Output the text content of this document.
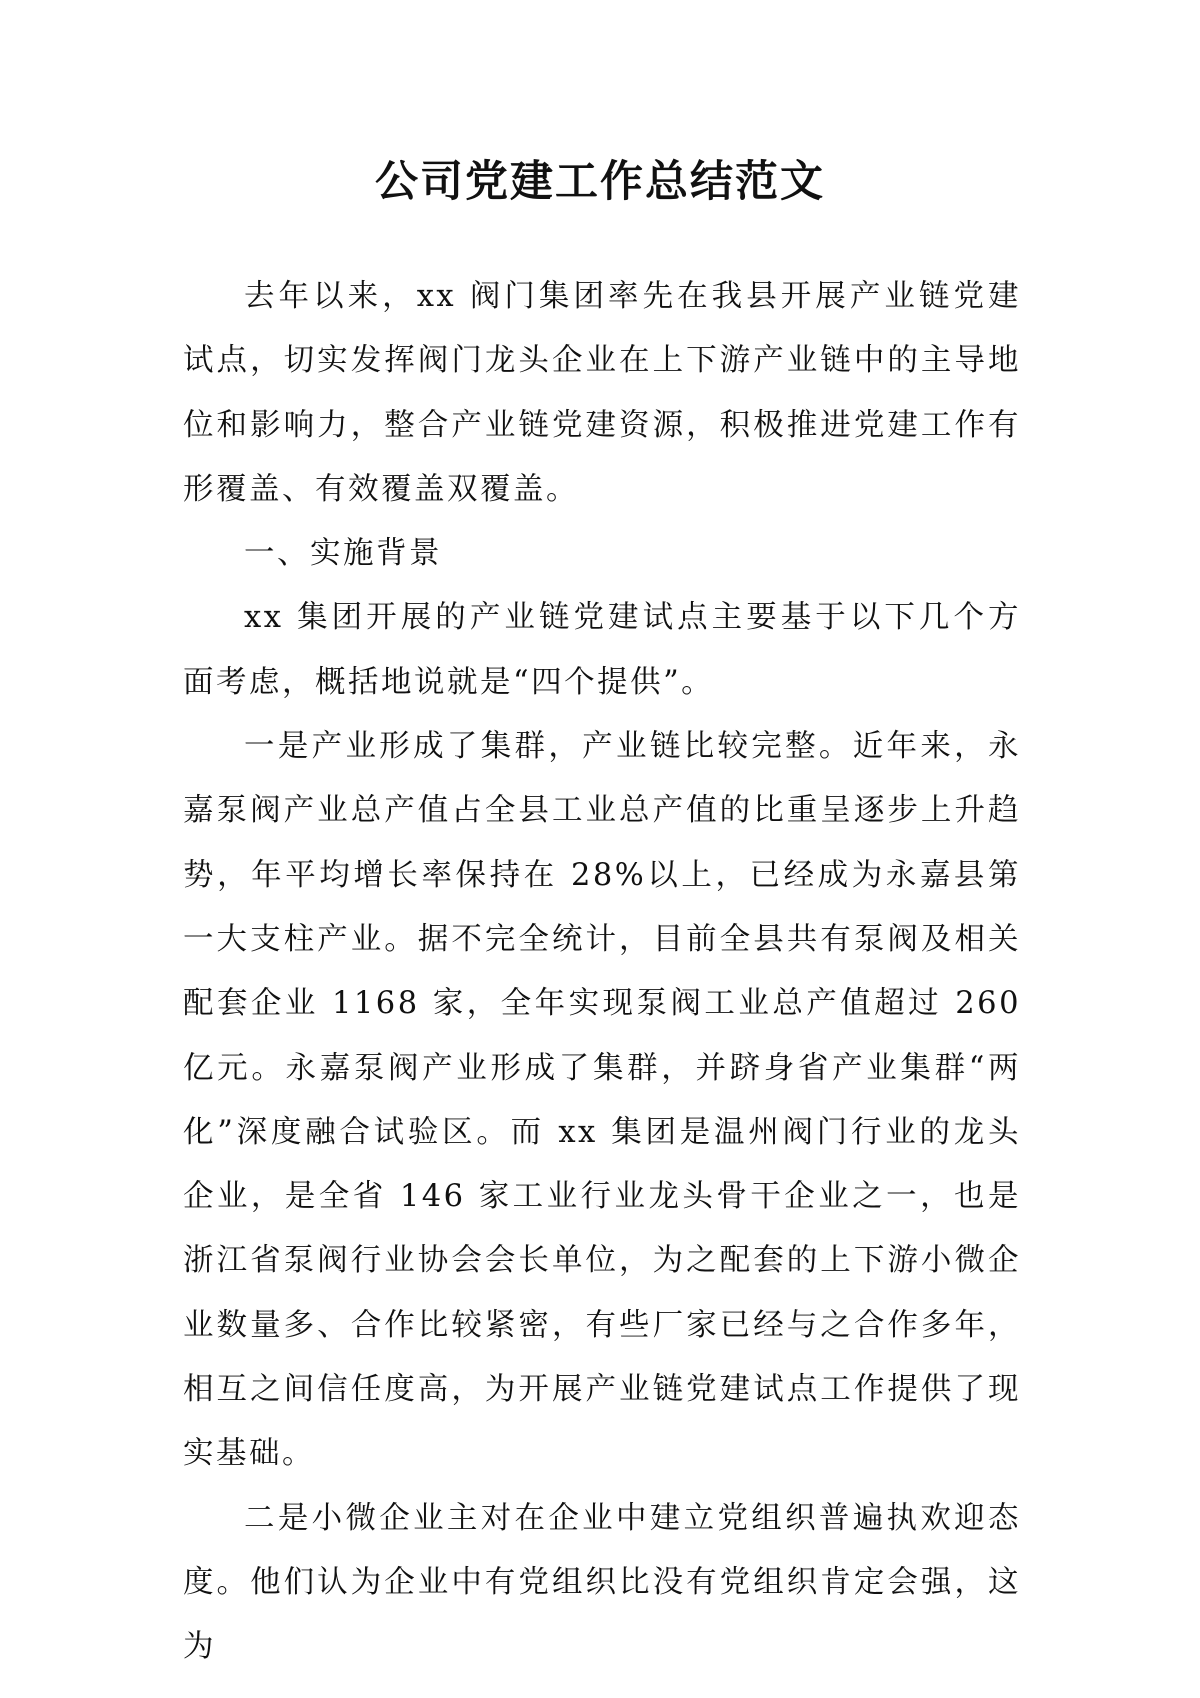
公司党建工作总结范文

去年以来，xx 阀门集团率先在我县开展产业链党建试点，切实发挥阀门龙头企业在上下游产业链中的主导地位和影响力，整合产业链党建资源，积极推进党建工作有形覆盖、有效覆盖双覆盖。

一、实施背景

xx 集团开展的产业链党建试点主要基于以下几个方面考虑，概括地说就是“四个提供”。

一是产业形成了集群，产业链比较完整。近年来，永嘉泵阀产业总产值占全县工业总产值的比重呈逐步上升趋势，年平均增长率保持在 28%以上，已经成为永嘉县第一大支柱产业。据不完全统计，目前全县共有泵阀及相关配套企业 1168 家，全年实现泵阀工业总产值超过 260 亿元。永嘉泵阀产业形成了集群，并跻身省产业集群“两化”深度融合试验区。而 xx 集团是温州阀门行业的龙头企业，是全省 146 家工业行业龙头骨干企业之一，也是浙江省泵阀行业协会会长单位，为之配套的上下游小微企业数量多、合作比较紧密，有些厂家已经与之合作多年，相互之间信任度高，为开展产业链党建试点工作提供了现实基础。

二是小微企业主对在企业中建立党组织普遍执欢迎态度。他们认为企业中有党组织比没有党组织肯定会强，这为
